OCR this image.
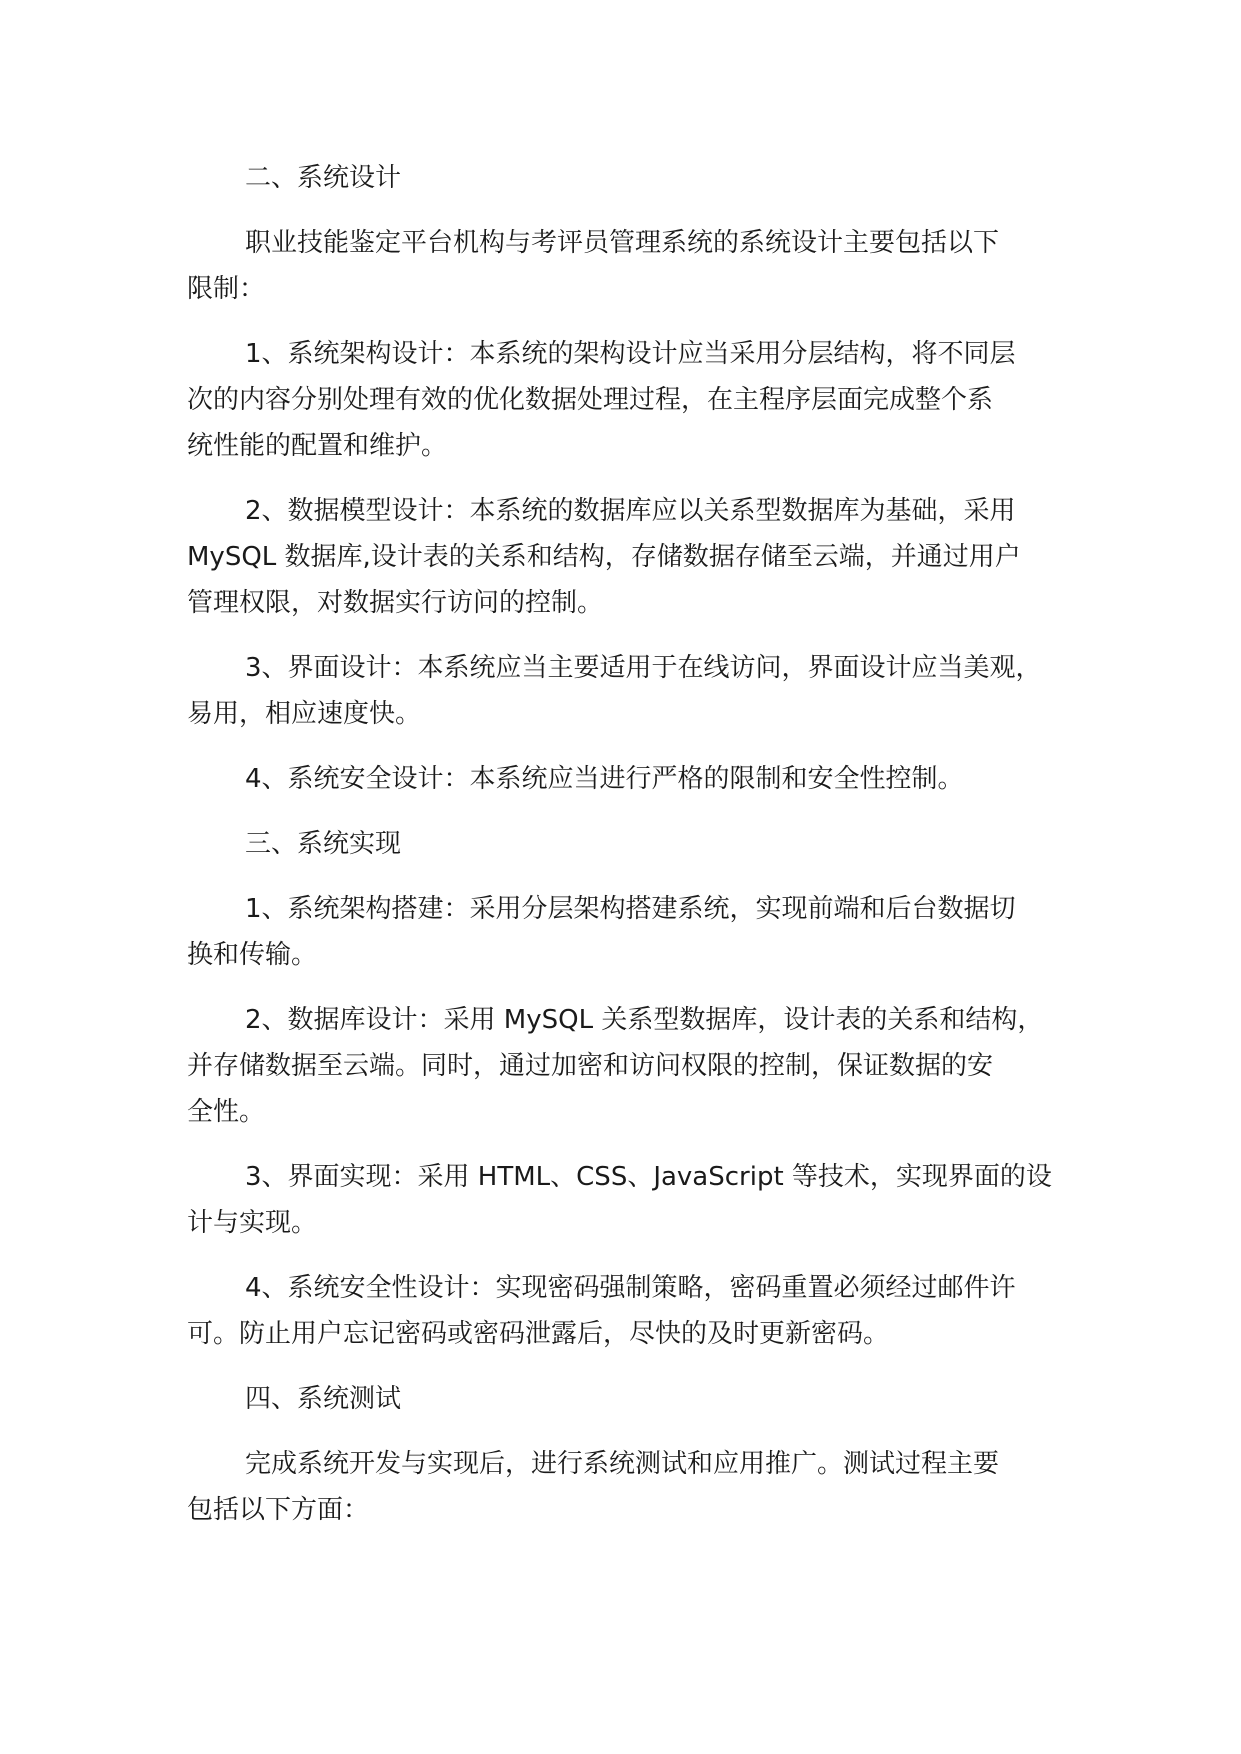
二、系统设计

职业技能鉴定平台机构与考评员管理系统的系统设计主要包括以下
限制：

1、系统架构设计：本系统的架构设计应当采用分层结构，将不同层
次的内容分别处理有效的优化数据处理过程，在主程序层面完成整个系
统性能的配置和维护。

2、数据模型设计：本系统的数据库应以关系型数据库为基础，采用
MySQL 数据库,设计表的关系和结构，存储数据存储至云端，并通过用户
管理权限，对数据实行访问的控制。

3、界面设计：本系统应当主要适用于在线访问，界面设计应当美观，
易用，相应速度快。

4、系统安全设计：本系统应当进行严格的限制和安全性控制。

三、系统实现

1、系统架构搭建：采用分层架构搭建系统，实现前端和后台数据切
换和传输。

2、数据库设计：采用 MySQL 关系型数据库，设计表的关系和结构，
并存储数据至云端。同时，通过加密和访问权限的控制，保证数据的安
全性。

3、界面实现：采用 HTML、CSS、JavaScript 等技术，实现界面的设
计与实现。

4、系统安全性设计：实现密码强制策略，密码重置必须经过邮件许
可。防止用户忘记密码或密码泄露后，尽快的及时更新密码。

四、系统测试

完成系统开发与实现后，进行系统测试和应用推广。测试过程主要
包括以下方面：
